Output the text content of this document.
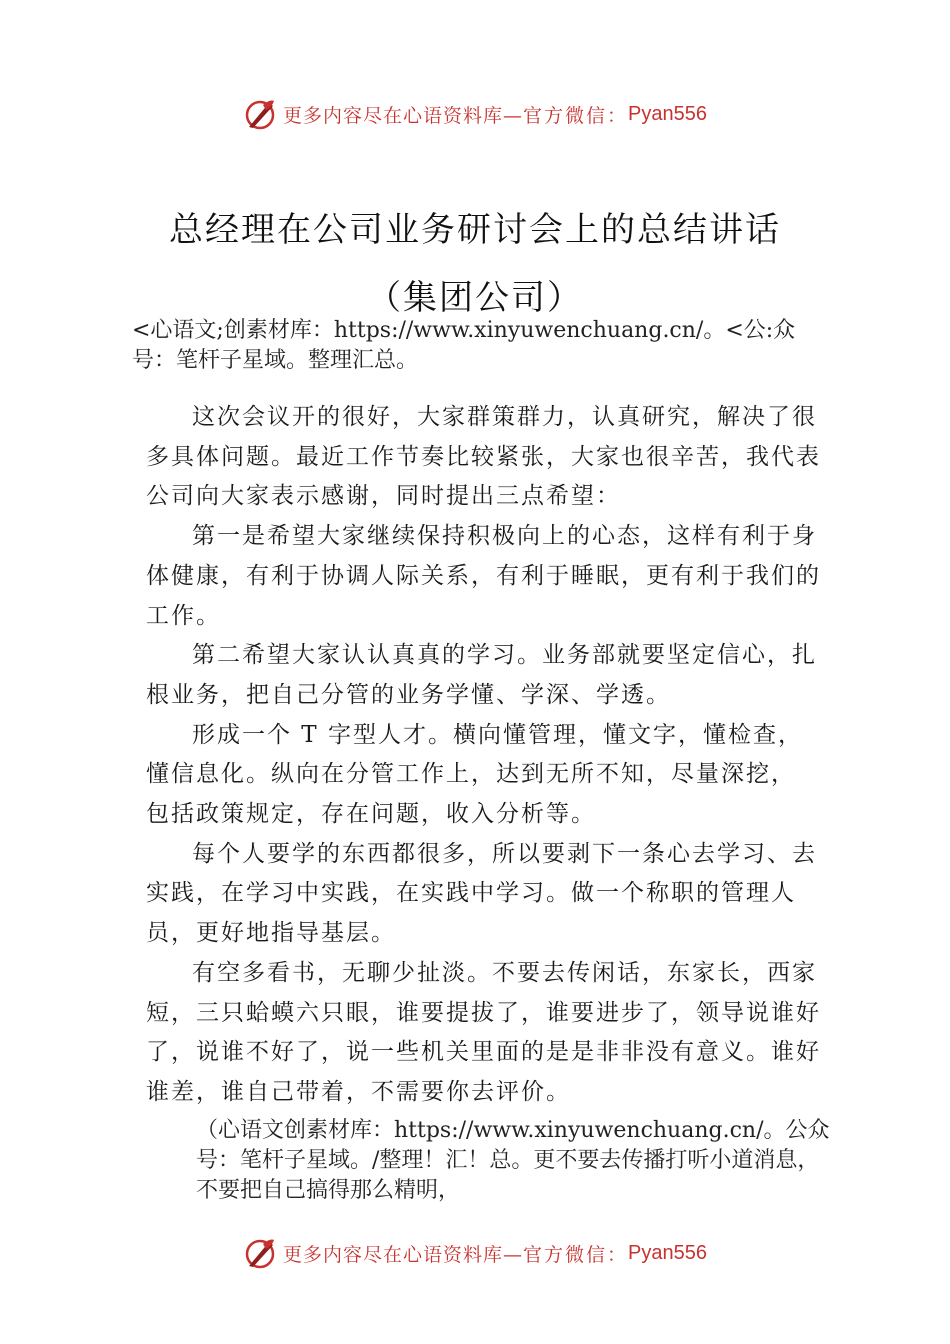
更多内容尽在心语资料库— 官方微信： Pyan556
总经理在公司业务研讨会上的总结讲话
（集团公司）
<心语文;创素材库：https://www.xinyuwenchuang.cn/。<公:众号：笔杆子星域。整理汇总。

这次会议开的很好，大家群策群力，认真研究，解决了很多具体问题。最近工作节奏比较紧张，大家也很辛苦，我代表公司向大家表示感谢，同时提出三点希望：

第一是希望大家继续保持积极向上的心态，这样有利于身体健康，有利于协调人际关系，有利于睡眠，更有利于我们的工作。

第二希望大家认认真真的学习。业务部就要坚定信心，扎根业务，把自己分管的业务学懂、学深、学透。

形成一个 T 字型人才。横向懂管理，懂文字，懂检查，懂信息化。纵向在分管工作上，达到无所不知，尽量深挖， 包括政策规定，存在问题，收入分析等。

每个人要学的东西都很多，所以要剥下一条心去学习、去实践，在学习中实践，在实践中学习。做一个称职的管理人员，更好地指导基层。

有空多看书，无聊少扯淡。不要去传闲话，东家长，西家短，三只蛤蟆六只眼，谁要提拔了，谁要进步了，领导说谁好了，说谁不好了，说一些机关里面的是是非非没有意义。谁好谁差，谁自己带着，不需要你去评价。

（心语文创素材库：https://www.xinyuwenchuang.cn/。公众号：笔杆子星域。/整理！汇！总。更不要去传播打听小道消息，不要把自己搞得那么精明，
更多内容尽在心语资料库— 官方微信： Pyan556
